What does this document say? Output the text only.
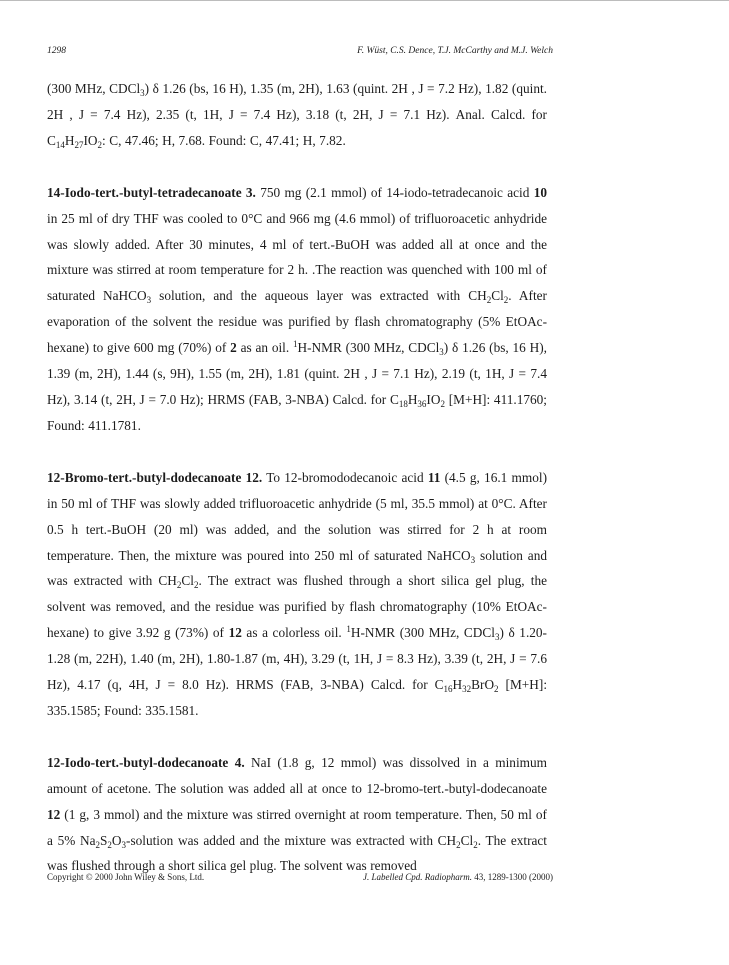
1298	F. Wüst, C.S. Dence, T.J. McCarthy and M.J. Welch

(300 MHz, CDCl$_3$) δ 1.26 (bs, 16 H), 1.35 (m, 2H), 1.63 (quint. 2H , J = 7.2 Hz), 1.82 (quint. 2H , J = 7.4 Hz), 2.35 (t, 1H, J = 7.4 Hz), 3.18 (t, 2H, J = 7.1 Hz). Anal. Calcd. for $C_{14}H_{27}IO_2$: C, 47.46; H, 7.68. Found: C, 47.41; H, 7.82.

14-Iodo-tert.-butyl-tetradecanoate 3. 750 mg (2.1 mmol) of 14-iodo-tetradecanoic acid 10 in 25 ml of dry THF was cooled to 0°C and 966 mg (4.6 mmol) of trifluoroacetic anhydride was slowly added. After 30 minutes, 4 ml of tert.-BuOH was added all at once and the mixture was stirred at room temperature for 2 h. .The reaction was quenched with 100 ml of saturated NaHCO$_3$ solution, and the aqueous layer was extracted with $CH_2Cl_2$. After evaporation of the solvent the residue was purified by flash chromatography (5% EtOAc-hexane) to give 600 mg (70%) of 2 as an oil. $^1$H-NMR (300 MHz, CDCl$_3$) δ 1.26 (bs, 16 H), 1.39 (m, 2H), 1.44 (s, 9H), 1.55 (m, 2H), 1.81 (quint. 2H , J = 7.1 Hz), 2.19 (t, 1H, J = 7.4 Hz), 3.14 (t, 2H, J = 7.0 Hz); HRMS (FAB, 3-NBA) Calcd. for $C_{18}H_{36}IO_2$ [M+H]: 411.1760; Found: 411.1781.

12-Bromo-tert.-butyl-dodecanoate 12. To 12-bromododecanoic acid 11 (4.5 g, 16.1 mmol) in 50 ml of THF was slowly added trifluoroacetic anhydride (5 ml, 35.5 mmol) at 0°C. After 0.5 h tert.-BuOH (20 ml) was added, and the solution was stirred for 2 h at room temperature. Then, the mixture was poured into 250 ml of saturated NaHCO$_3$ solution and was extracted with $CH_2Cl_2$. The extract was flushed through a short silica gel plug, the solvent was removed, and the residue was purified by flash chromatography (10% EtOAc-hexane) to give 3.92 g (73%) of 12 as a colorless oil. $^1$H-NMR (300 MHz, CDCl$_3$) δ 1.20-1.28 (m, 22H), 1.40 (m, 2H), 1.80-1.87 (m, 4H), 3.29 (t, 1H, J = 8.3 Hz), 3.39 (t, 2H, J = 7.6 Hz), 4.17 (q, 4H, J = 8.0 Hz). HRMS (FAB, 3-NBA) Calcd. for $C_{16}H_{32}BrO_2$ [M+H]: 335.1585; Found: 335.1581.

12-Iodo-tert.-butyl-dodecanoate 4. NaI (1.8 g, 12 mmol) was dissolved in a minimum amount of acetone. The solution was added all at once to 12-bromo-tert.-butyl-dodecanoate 12 (1 g, 3 mmol) and the mixture was stirred overnight at room temperature. Then, 50 ml of a 5% $Na_2S_2O_3$-solution was added and the mixture was extracted with $CH_2Cl_2$. The extract was flushed through a short silica gel plug. The solvent was removed

Copyright © 2000 John Wiley & Sons, Ltd.	J. Labelled Cpd. Radiopharm. 43, 1289-1300 (2000)
